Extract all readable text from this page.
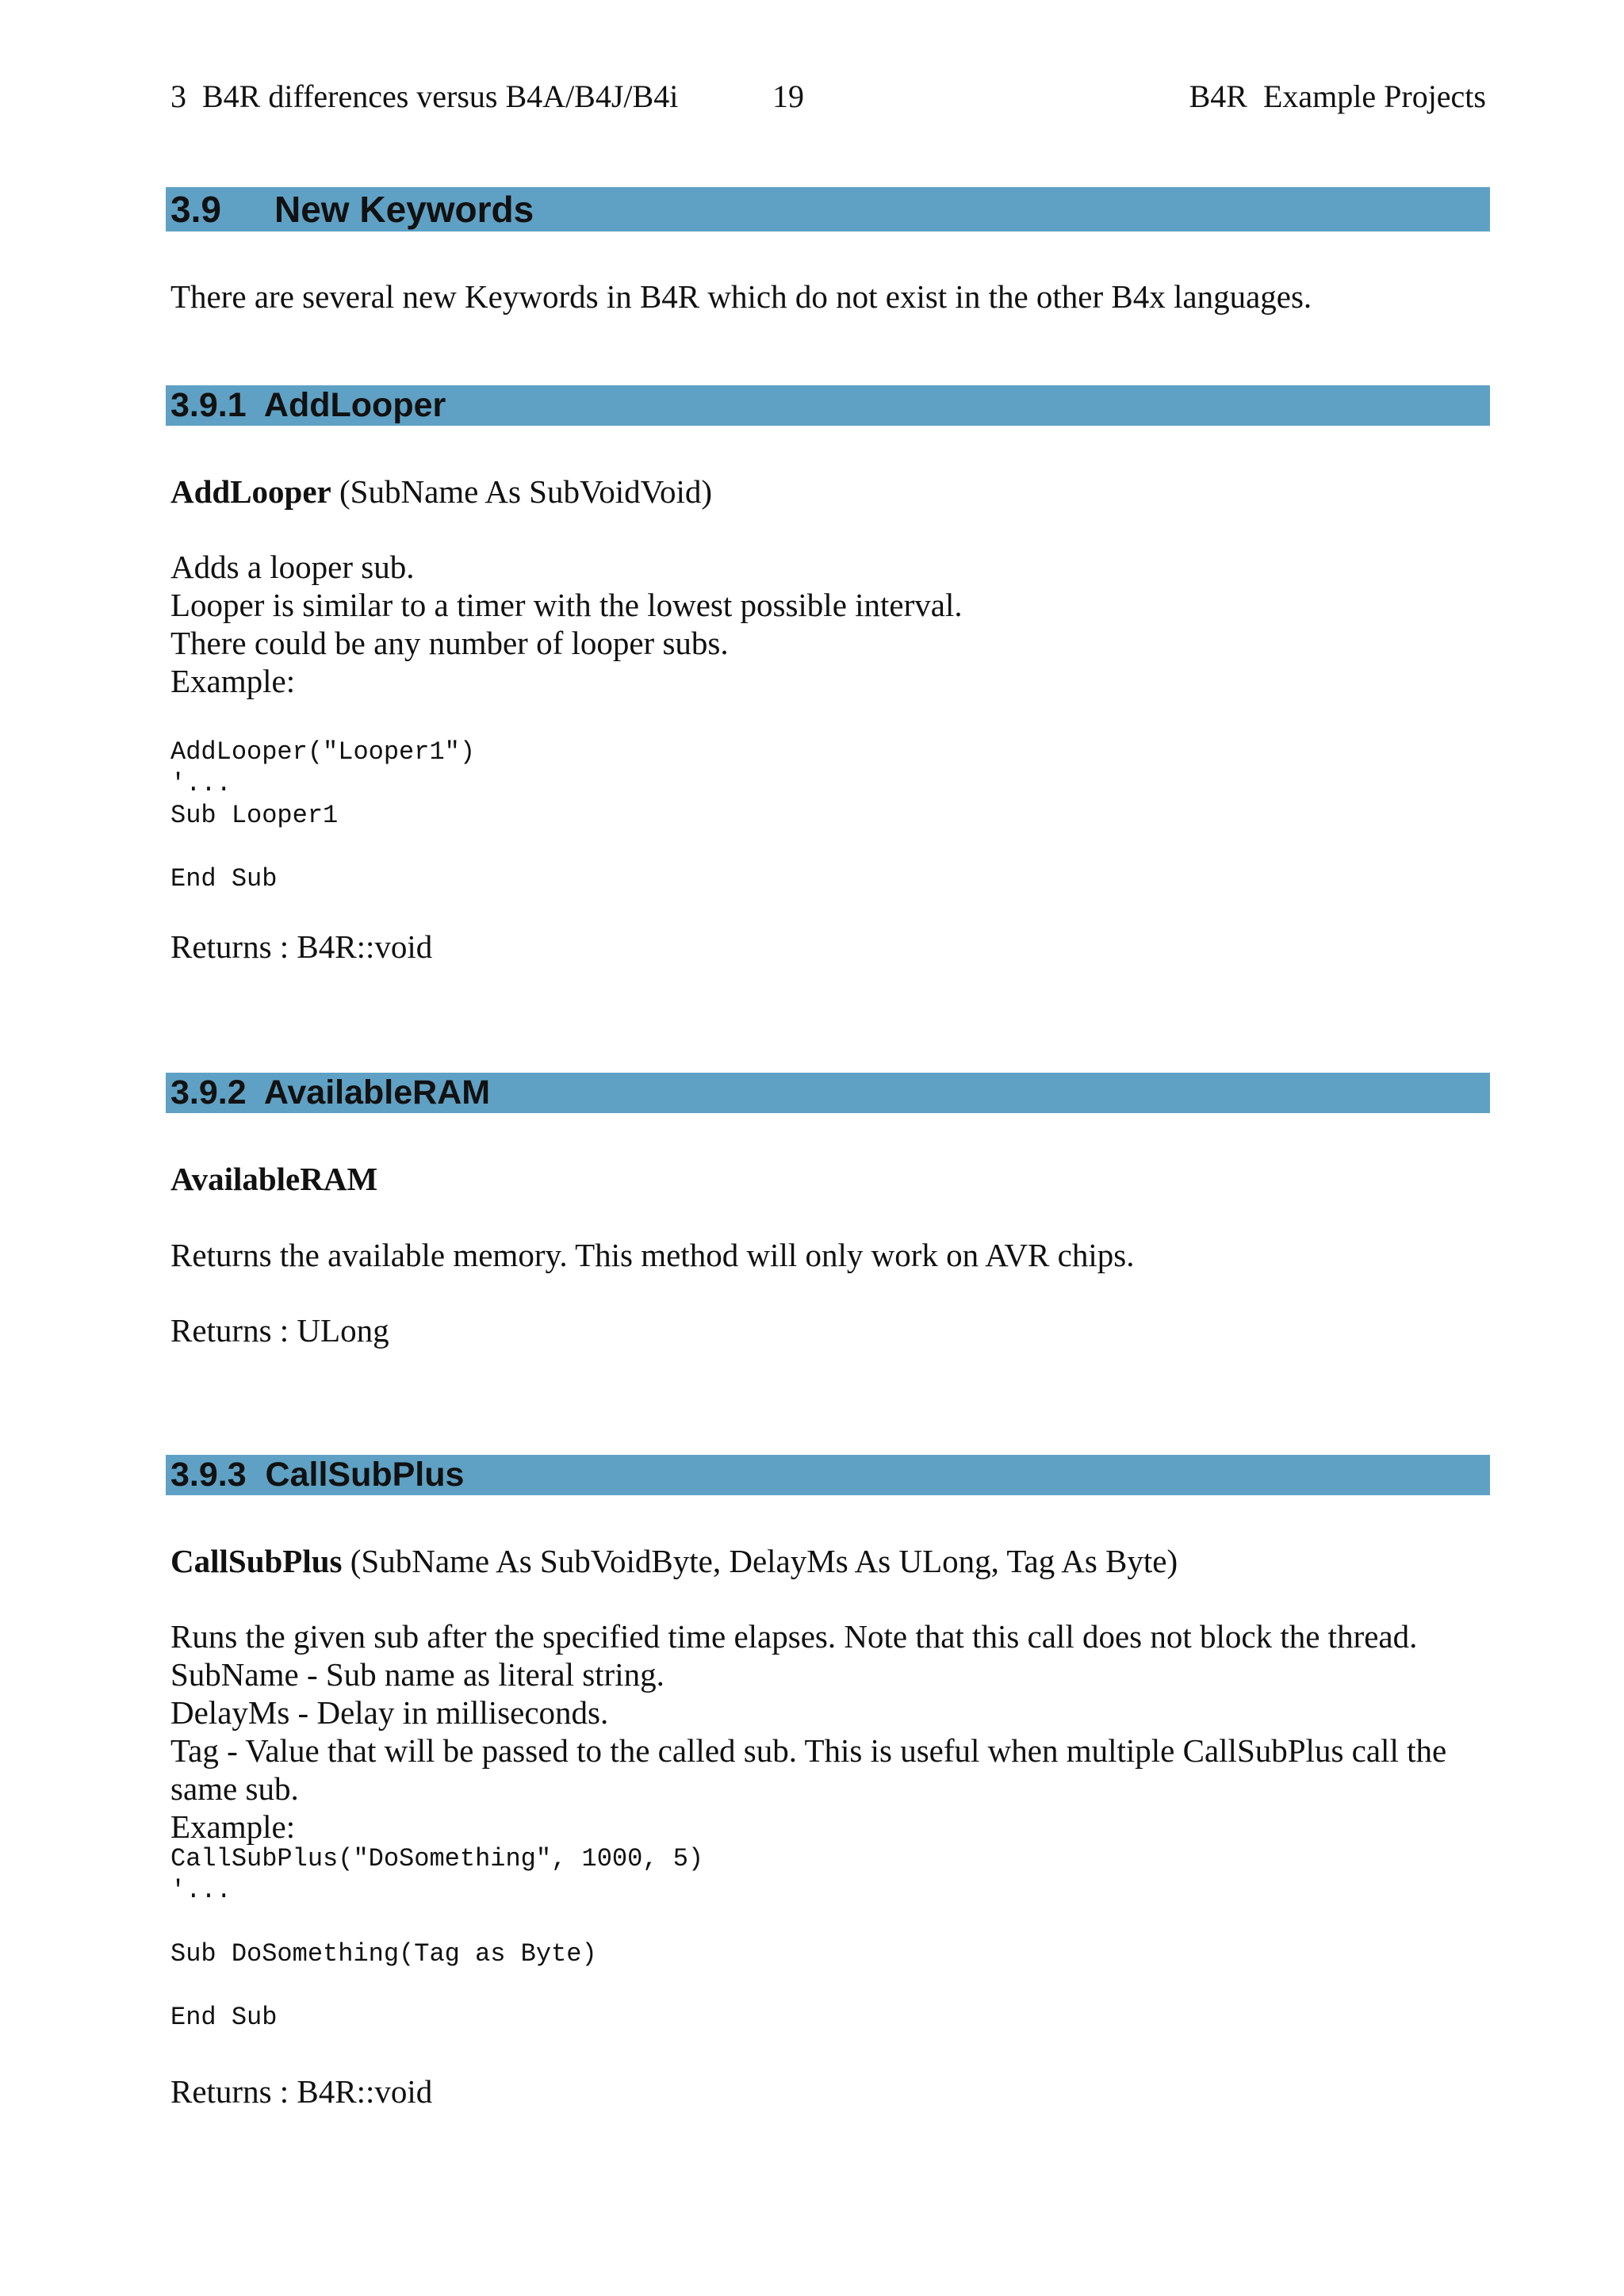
3  B4R differences versus B4A/B4J/B4i	19	B4R  Example Projects
3.9 New Keywords
There are several new Keywords in B4R which do not exist in the other B4x languages.
3.9.1  AddLooper
AddLooper (SubName As SubVoidVoid)
Adds a looper sub.
Looper is similar to a timer with the lowest possible interval.
There could be any number of looper subs.
Example:
AddLooper("Looper1")
'...
Sub Looper1
End Sub
Returns : B4R::void
3.9.2  AvailableRAM
AvailableRAM
Returns the available memory. This method will only work on AVR chips.
Returns : ULong
3.9.3  CallSubPlus
CallSubPlus (SubName As SubVoidByte, DelayMs As ULong, Tag As Byte)
Runs the given sub after the specified time elapses. Note that this call does not block the thread.
SubName - Sub name as literal string.
DelayMs - Delay in milliseconds.
Tag - Value that will be passed to the called sub. This is useful when multiple CallSubPlus call the
same sub.
Example:
CallSubPlus("DoSomething", 1000, 5)
'...
Sub DoSomething(Tag as Byte)
End Sub
Returns : B4R::void
